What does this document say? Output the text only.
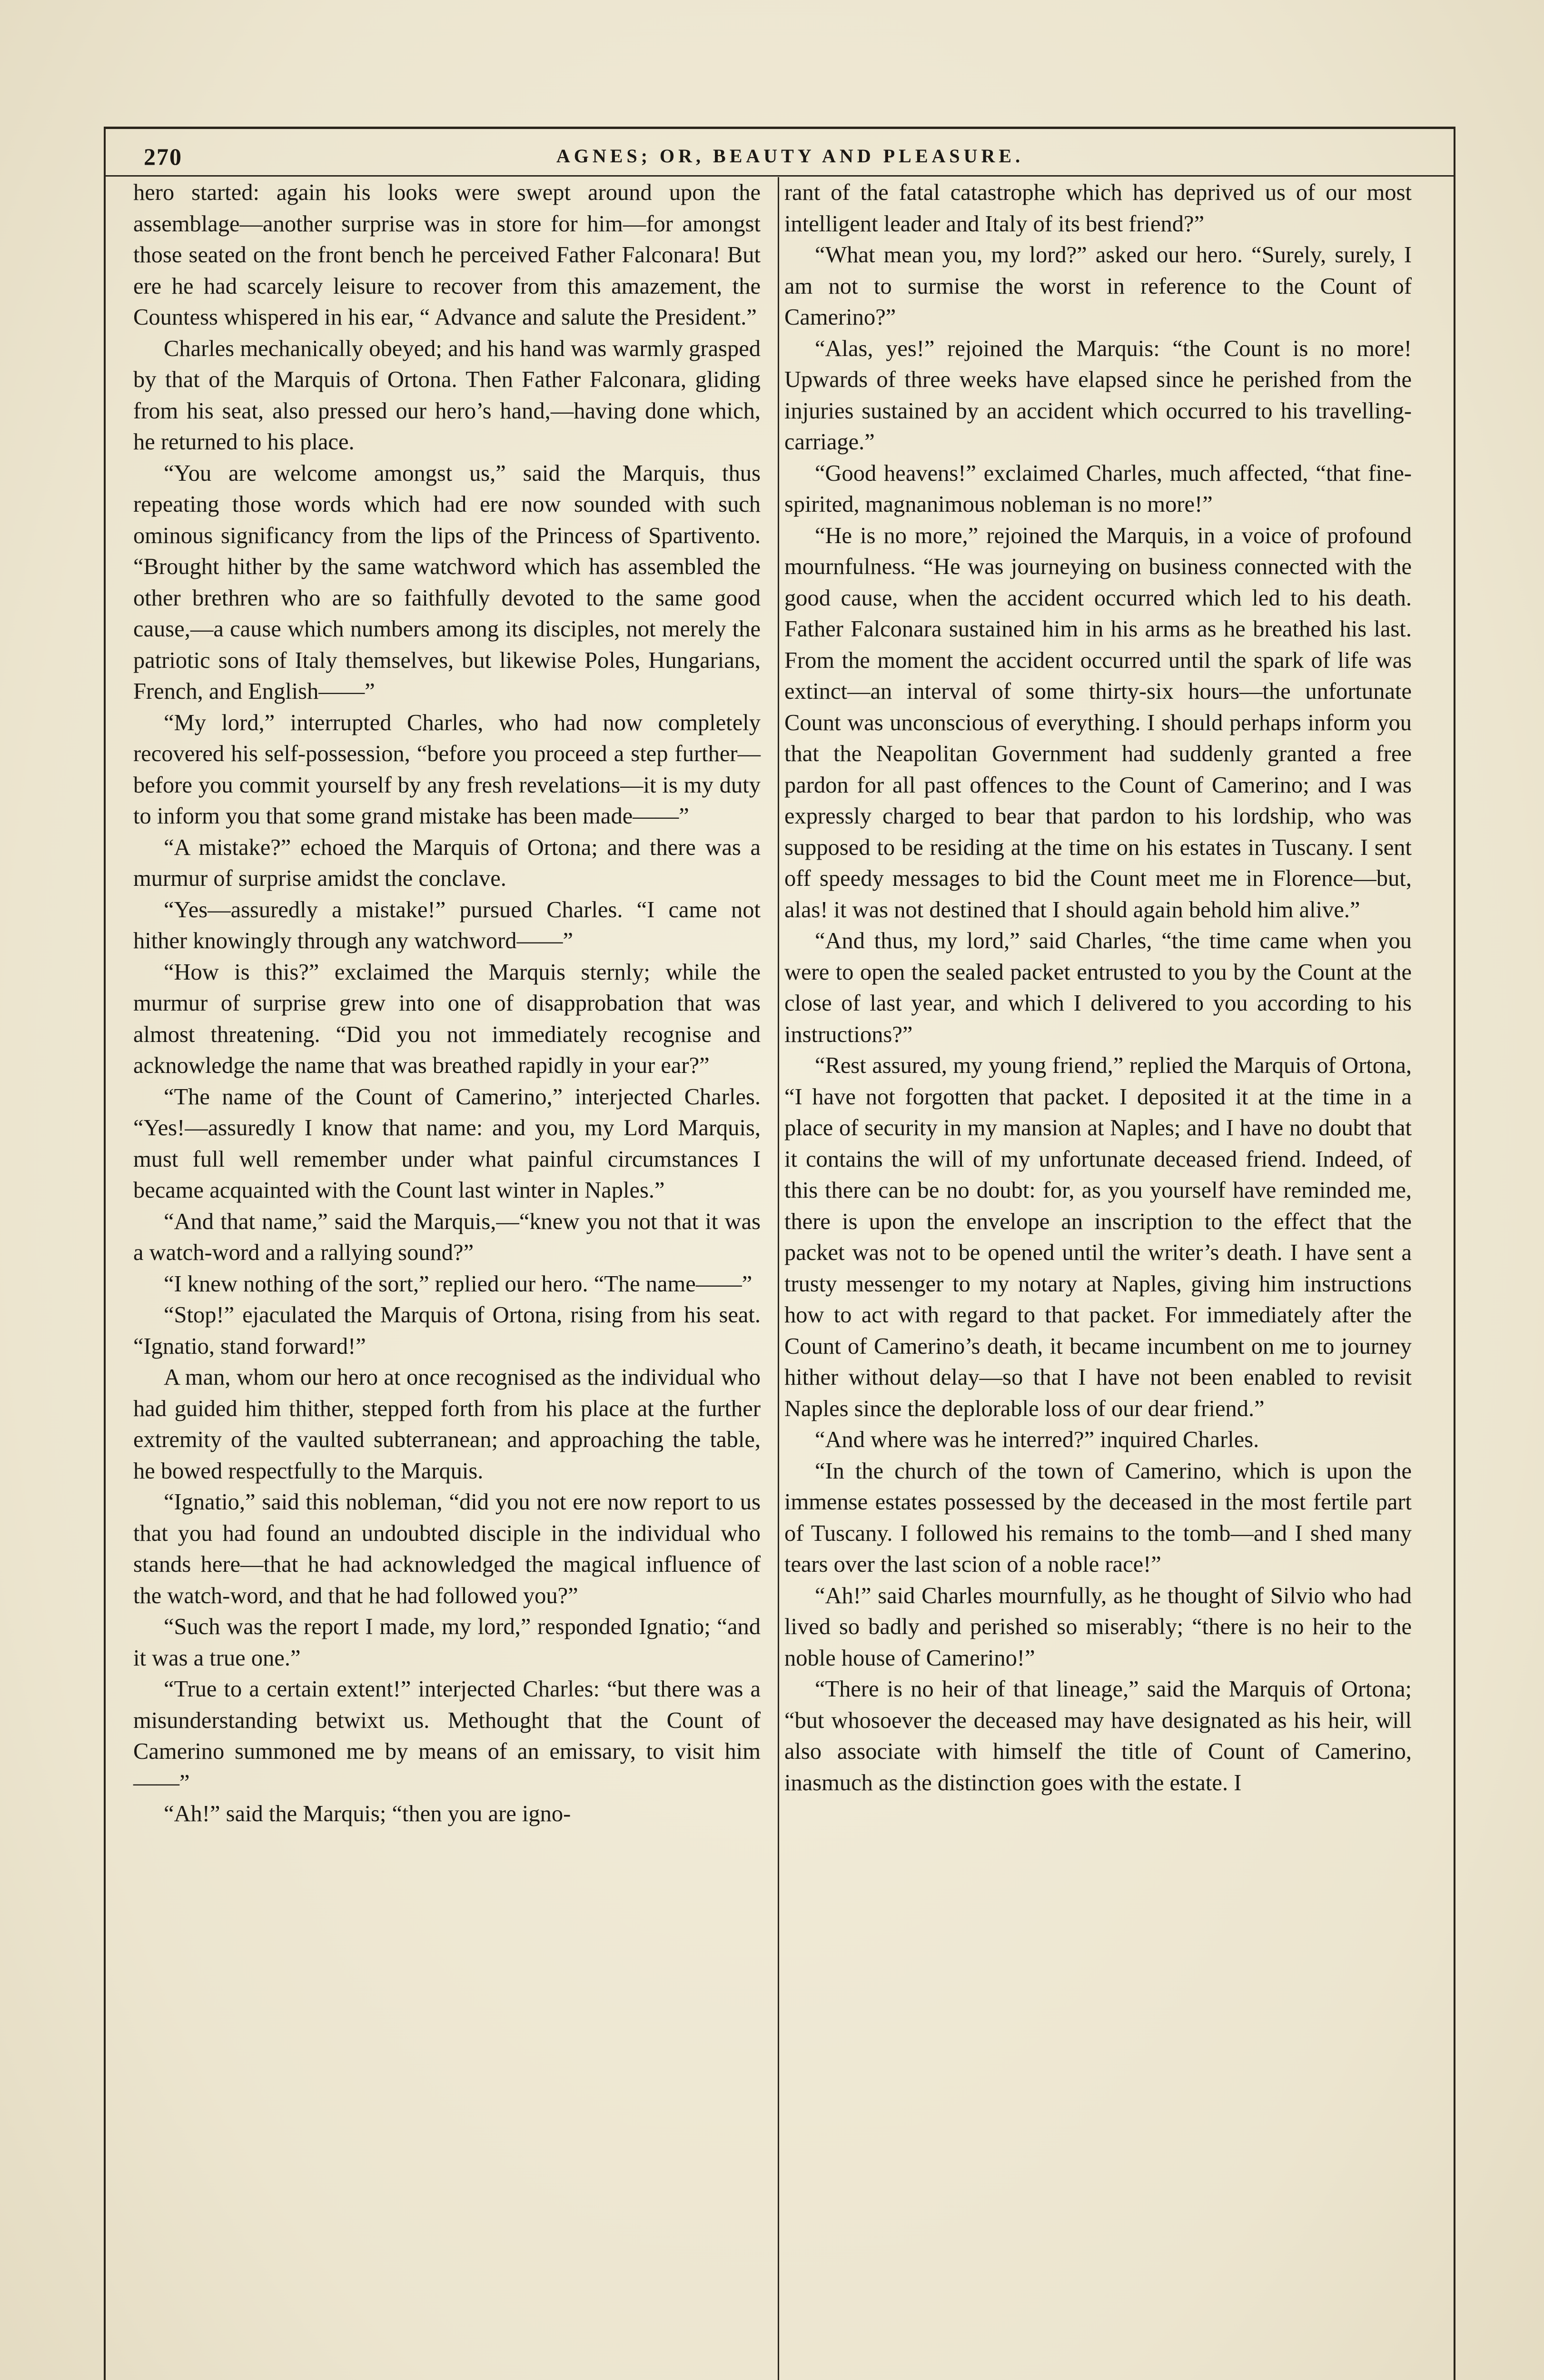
270	AGNES; OR, BEAUTY AND PLEASURE.

hero started: again his looks were swept around upon the assemblage—another surprise was in store for him—for amongst those seated on the front bench he perceived Father Falconara! But ere he had scarcely leisure to recover from this amazement, the Countess whispered in his ear, “ Advance and salute the President.”

Charles mechanically obeyed; and his hand was warmly grasped by that of the Marquis of Ortona. Then Father Falconara, gliding from his seat, also pressed our hero’s hand,—having done which, he returned to his place.

“You are welcome amongst us,” said the Marquis, thus repeating those words which had ere now sounded with such ominous significancy from the lips of the Princess of Spartivento. “Brought hither by the same watchword which has assembled the other brethren who are so faithfully devoted to the same good cause,—a cause which numbers among its disciples, not merely the patriotic sons of Italy themselves, but likewise Poles, Hungarians, French, and English——”

“My lord,” interrupted Charles, who had now completely recovered his self-possession, “before you proceed a step further—before you commit yourself by any fresh revelations—it is my duty to inform you that some grand mistake has been made——”

“A mistake?” echoed the Marquis of Ortona; and there was a murmur of surprise amidst the conclave.

“Yes—assuredly a mistake!” pursued Charles. “I came not hither knowingly through any watchword——”

“How is this?” exclaimed the Marquis sternly; while the murmur of surprise grew into one of disapprobation that was almost threatening. “Did you not immediately recognise and acknowledge the name that was breathed rapidly in your ear?”

“The name of the Count of Camerino,” interjected Charles. “Yes!—assuredly I know that name: and you, my Lord Marquis, must full well remember under what painful circumstances I became acquainted with the Count last winter in Naples.”

“And that name,” said the Marquis,—“knew you not that it was a watch-word and a rallying sound?”

“I knew nothing of the sort,” replied our hero. “The name——”

“Stop!” ejaculated the Marquis of Ortona, rising from his seat. “Ignatio, stand forward!”

A man, whom our hero at once recognised as the individual who had guided him thither, stepped forth from his place at the further extremity of the vaulted subterranean; and approaching the table, he bowed respectfully to the Marquis.

“Ignatio,” said this nobleman, “did you not ere now report to us that you had found an undoubted disciple in the individual who stands here—that he had acknowledged the magical influence of the watch-word, and that he had followed you?”

“Such was the report I made, my lord,” responded Ignatio; “and it was a true one.”

“True to a certain extent!” interjected Charles: “but there was a misunderstanding betwixt us. Methought that the Count of Camerino summoned me by means of an emissary, to visit him——”

“Ah!” said the Marquis; “then you are igno-

rant of the fatal catastrophe which has deprived us of our most intelligent leader and Italy of its best friend?”

“What mean you, my lord?” asked our hero. “Surely, surely, I am not to surmise the worst in reference to the Count of Camerino?”

“Alas, yes!” rejoined the Marquis: “the Count is no more! Upwards of three weeks have elapsed since he perished from the injuries sustained by an accident which occurred to his travelling-carriage.”

“Good heavens!” exclaimed Charles, much affected, “that fine-spirited, magnanimous nobleman is no more!”

“He is no more,” rejoined the Marquis, in a voice of profound mournfulness. “He was journeying on business connected with the good cause, when the accident occurred which led to his death. Father Falconara sustained him in his arms as he breathed his last. From the moment the accident occurred until the spark of life was extinct—an interval of some thirty-six hours—the unfortunate Count was unconscious of everything. I should perhaps inform you that the Neapolitan Government had suddenly granted a free pardon for all past offences to the Count of Camerino; and I was expressly charged to bear that pardon to his lordship, who was supposed to be residing at the time on his estates in Tuscany. I sent off speedy messages to bid the Count meet me in Florence—but, alas! it was not destined that I should again behold him alive.”

“And thus, my lord,” said Charles, “the time came when you were to open the sealed packet entrusted to you by the Count at the close of last year, and which I delivered to you according to his instructions?”

“Rest assured, my young friend,” replied the Marquis of Ortona, “I have not forgotten that packet. I deposited it at the time in a place of security in my mansion at Naples; and I have no doubt that it contains the will of my unfortunate deceased friend. Indeed, of this there can be no doubt: for, as you yourself have reminded me, there is upon the envelope an inscription to the effect that the packet was not to be opened until the writer’s death. I have sent a trusty messenger to my notary at Naples, giving him instructions how to act with regard to that packet. For immediately after the Count of Camerino’s death, it became incumbent on me to journey hither without delay—so that I have not been enabled to revisit Naples since the deplorable loss of our dear friend.”

“And where was he interred?” inquired Charles.

“In the church of the town of Camerino, which is upon the immense estates possessed by the deceased in the most fertile part of Tuscany. I followed his remains to the tomb—and I shed many tears over the last scion of a noble race!”

“Ah!” said Charles mournfully, as he thought of Silvio who had lived so badly and perished so miserably; “there is no heir to the noble house of Camerino!”

“There is no heir of that lineage,” said the Marquis of Ortona; “but whosoever the deceased may have designated as his heir, will also associate with himself the title of Count of Camerino, inasmuch as the distinction goes with the estate. I
